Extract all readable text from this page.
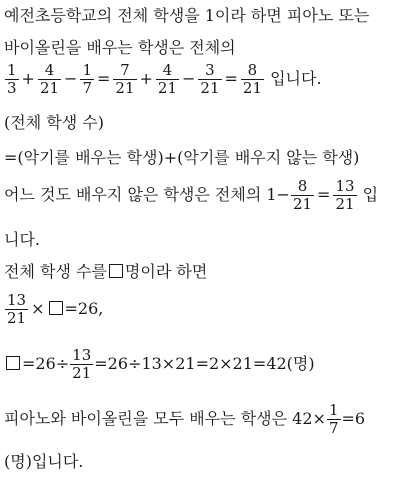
예전초등학교의 전체 학생을 1이라 하면 피아노 또는
바이올린을 배우는 학생은 전체의
$\frac{1}{3} + \frac{4}{21} - \frac{1}{7} = \frac{7}{21} + \frac{4}{21} - \frac{3}{21} = \frac{8}{21}$ 입니다.
(전체 학생 수)
=(악기를 배우는 학생)+(악기를 배우지 않는 학생)
어느 것도 배우지 않은 학생은 전체의 $1- \frac{8}{21} = \frac{13}{21}$ 입
니다.
전체 학생 수를 명이라 하면
$\frac{13}{21} \times =26$,
$=26\div \frac{13}{21} =26\div 13\times 21=2\times 21=42$(명)
피아노와 바이올린을 모두 배우는 학생은 $42\times \frac{1}{7} =6$
(명)입니다.
